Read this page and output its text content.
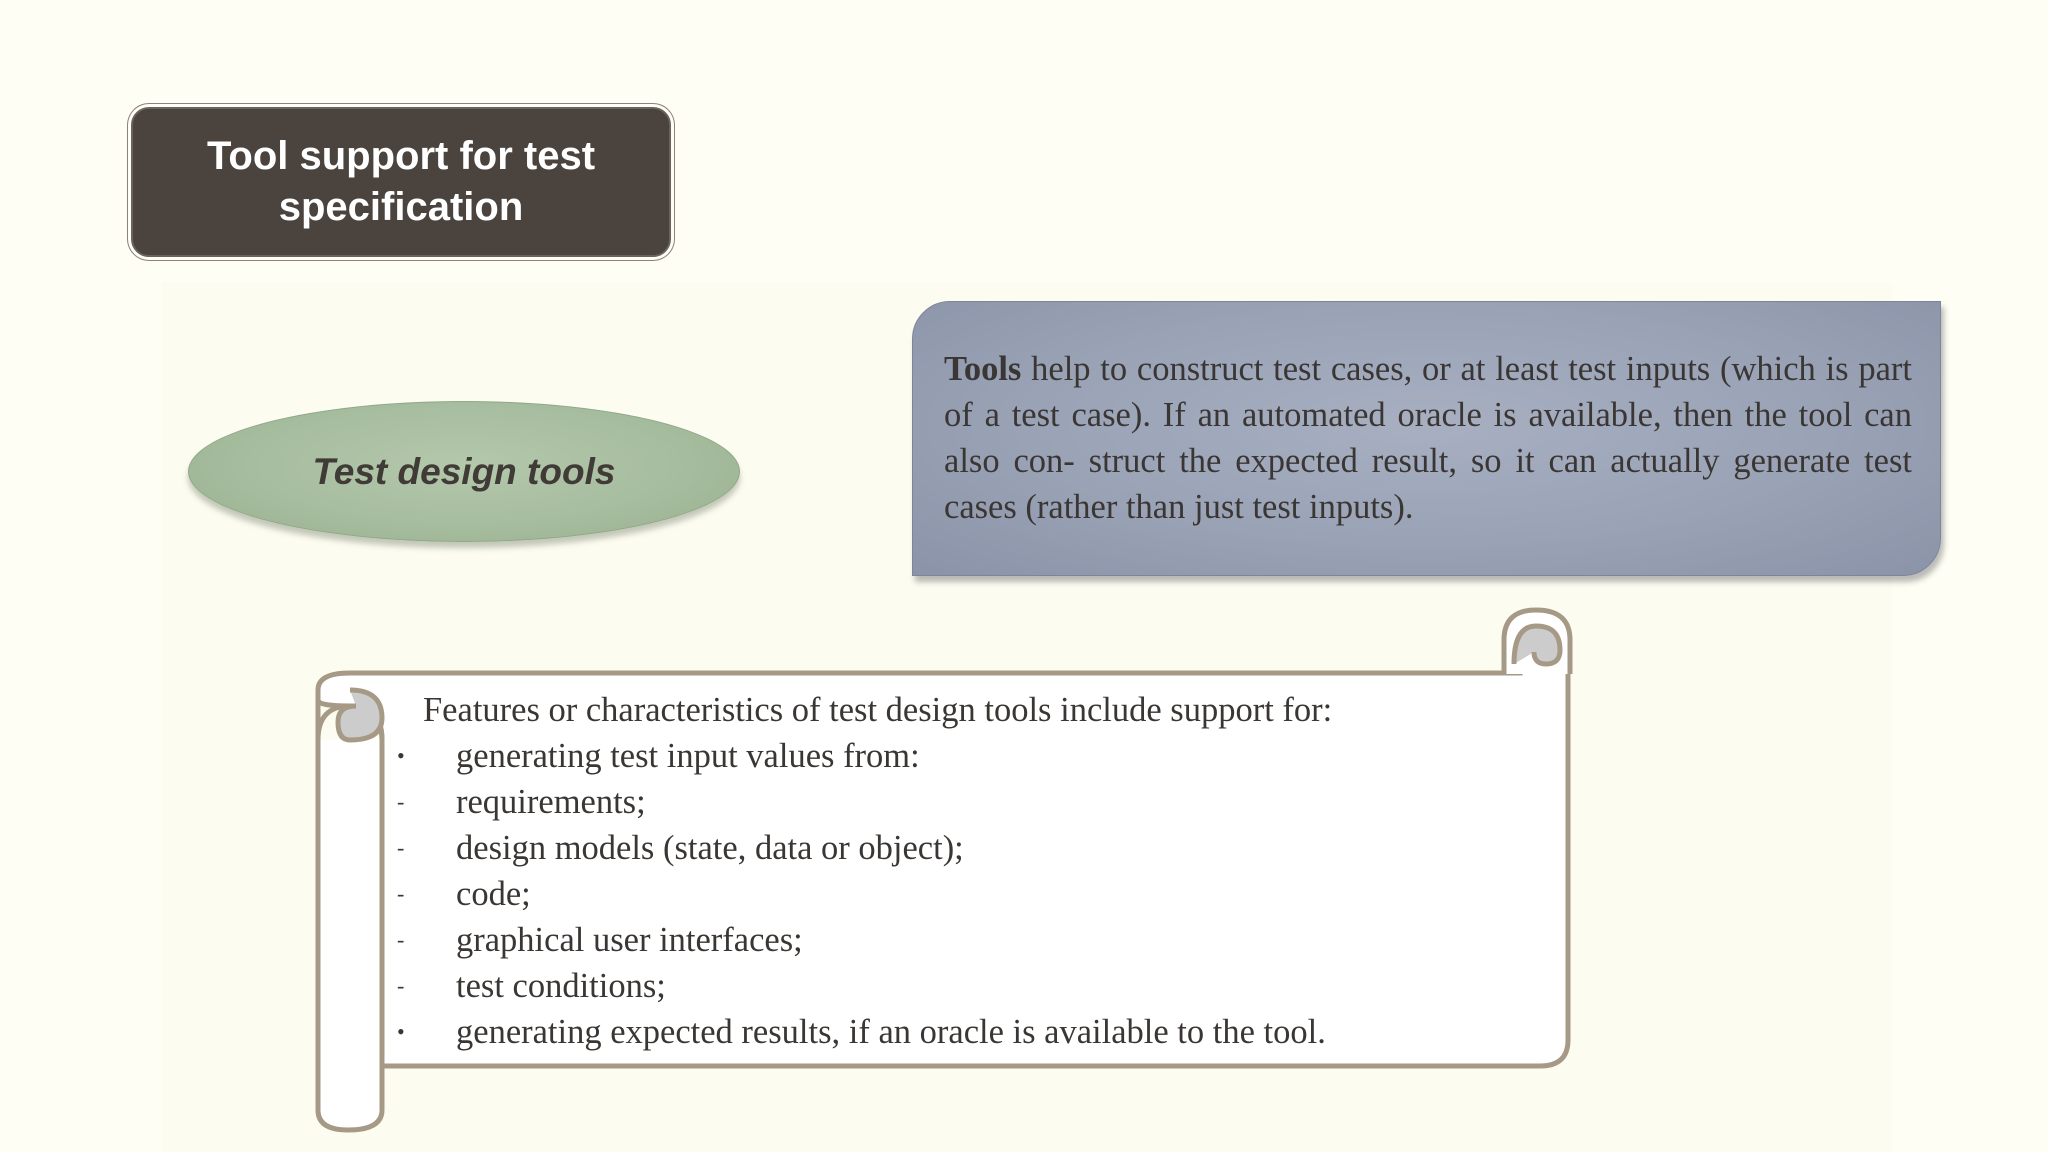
Tool support for test
specification
Test design tools
Tools help to construct test cases, or at least test inputs (which is part of a test case). If an automated oracle is available, then the tool can also con- struct the expected result, so it can actually generate test cases (rather than just test inputs).
Features or characteristics of test design tools include support for:
•	generating test input values from:
-	requirements;
-	design models (state, data or object);
-	code;
-	graphical user interfaces;
-	test conditions;
•	generating expected results, if an oracle is available to the tool.
